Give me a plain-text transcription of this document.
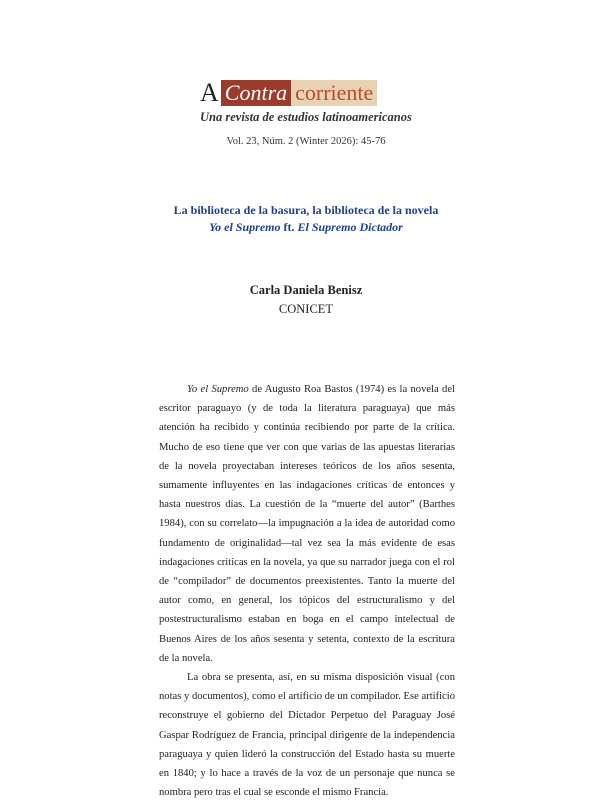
A Contra corriente
Una revista de estudios latinoamericanos
Vol. 23, Núm. 2 (Winter 2026): 45-76
La biblioteca de la basura, la biblioteca de la novela
Yo el Supremo ft. El Supremo Dictador
Carla Daniela Benisz
CONICET

Yo el Supremo de Augusto Roa Bastos (1974) es la novela del escritor paraguayo (y de toda la literatura paraguaya) que más atención ha recibido y continúa recibiendo por parte de la crítica. Mucho de eso tiene que ver con que varias de las apuestas literarias de la novela proyectaban intereses teóricos de los años sesenta, sumamente influyentes en las indagaciones críticas de entonces y hasta nuestros días. La cuestión de la “muerte del autor” (Barthes 1984), con su correlato—la impugnación a la idea de autoridad como fundamento de originalidad—tal vez sea la más evidente de esas indagaciones críticas en la novela, ya que su narrador juega con el rol de “compilador” de documentos preexistentes. Tanto la muerte del autor como, en general, los tópicos del estructuralismo y del postestructuralismo estaban en boga en el campo intelectual de Buenos Aires de los años sesenta y setenta, contexto de la escritura de la novela.

La obra se presenta, así, en su misma disposición visual (con notas y documentos), como el artificio de un compilador. Ese artificio reconstruye el gobierno del Dictador Perpetuo del Paraguay José Gaspar Rodríguez de Francia, principal dirigente de la independencia paraguaya y quien lideró la construcción del Estado hasta su muerte en 1840; y lo hace a través de la voz de un personaje que nunca se nombra pero tras el cual se esconde el mismo Francia.
